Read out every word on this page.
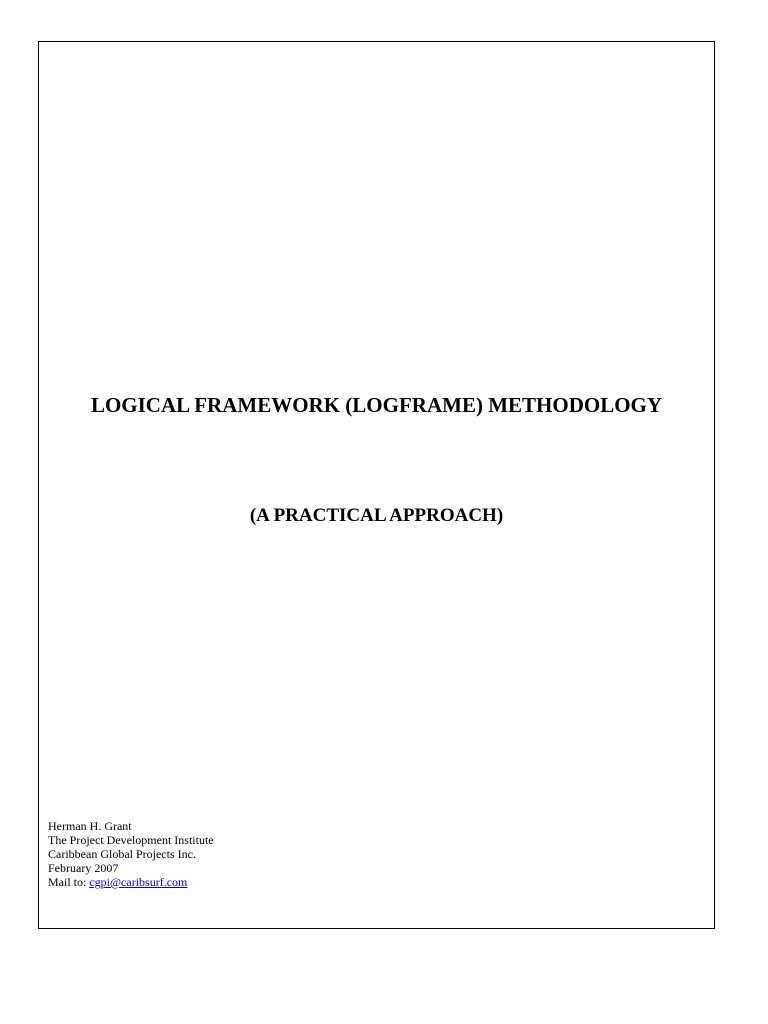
LOGICAL FRAMEWORK (LOGFRAME) METHODOLOGY
(A PRACTICAL APPROACH)
Herman H. Grant
The Project Development Institute
Caribbean Global Projects Inc.
February 2007
Mail to: cgpi@caribsurf.com
